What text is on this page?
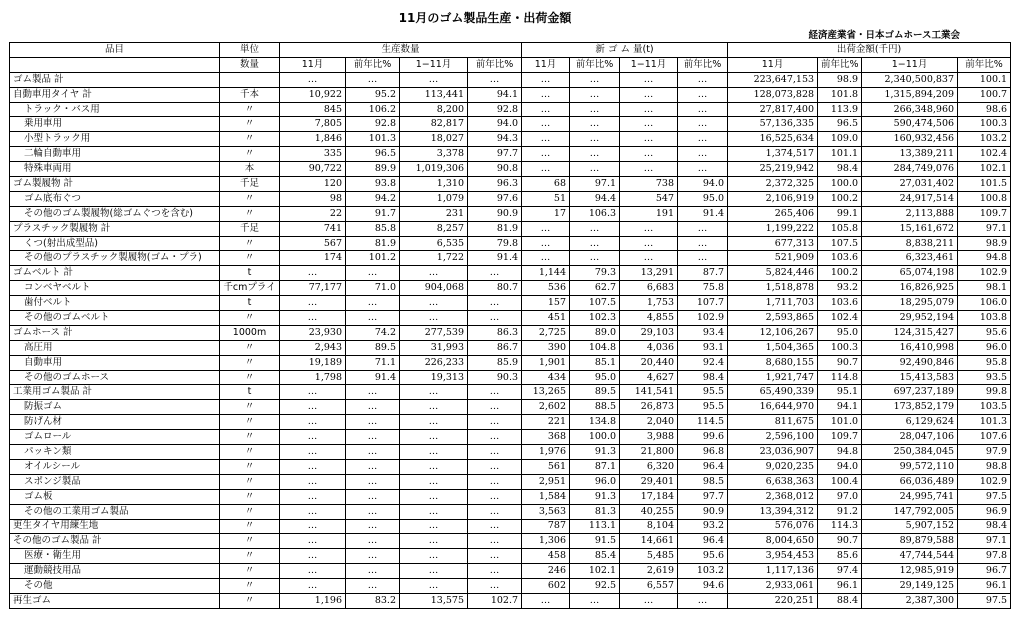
11月のゴム製品生産・出荷金額
経済産業省・日本ゴムホース工業会
品目	単位	生産数量				新 ゴ ム 量(t)				出荷金額(千円)			
	数量	11月	前年比%	1−11月	前年比%	11月	前年比%	1−11月	前年比%	11月	前年比%	1−11月	前年比%
ゴム製品 計		…	…	…	…	…	…	…	…	223,647,153	98.9	2,340,500,837	100.1
自動車用タイヤ 計	千本	10,922	95.2	113,441	94.1	…	…	…	…	128,073,828	101.8	1,315,894,209	100.7
トラック・バス用	〃	845	106.2	8,200	92.8	…	…	…	…	27,817,400	113.9	266,348,960	98.6
乗用車用	〃	7,805	92.8	82,817	94.0	…	…	…	…	57,136,335	96.5	590,474,506	100.3
小型トラック用	〃	1,846	101.3	18,027	94.3	…	…	…	…	16,525,634	109.0	160,932,456	103.2
二輪自動車用	〃	335	96.5	3,378	97.7	…	…	…	…	1,374,517	101.1	13,389,211	102.4
特殊車両用	本	90,722	89.9	1,019,306	90.8	…	…	…	…	25,219,942	98.4	284,749,076	102.1
ゴム製履物 計	千足	120	93.8	1,310	96.3	68	97.1	738	94.0	2,372,325	100.0	27,031,402	101.5
ゴム底布ぐつ	〃	98	94.2	1,079	97.6	51	94.4	547	95.0	2,106,919	100.2	24,917,514	100.8
その他のゴム製履物(総ゴムぐつを含む)	〃	22	91.7	231	90.9	17	106.3	191	91.4	265,406	99.1	2,113,888	109.7
プラスチック製履物 計	千足	741	85.8	8,257	81.9	…	…	…	…	1,199,222	105.8	15,161,672	97.1
くつ(射出成型品)	〃	567	81.9	6,535	79.8	…	…	…	…	677,313	107.5	8,838,211	98.9
その他のプラスチック製履物(ゴム・プラ)	〃	174	101.2	1,722	91.4	…	…	…	…	521,909	103.6	6,323,461	94.8
ゴムベルト 計	t	…	…	…	…	1,144	79.3	13,291	87.7	5,824,446	100.2	65,074,198	102.9
コンベヤベルト	千cmプライ	77,177	71.0	904,068	80.7	536	62.7	6,683	75.8	1,518,878	93.2	16,826,925	98.1
歯付ベルト	t	…	…	…	…	157	107.5	1,753	107.7	1,711,703	103.6	18,295,079	106.0
その他のゴムベルト	〃	…	…	…	…	451	102.3	4,855	102.9	2,593,865	102.4	29,952,194	103.8
ゴムホース 計	1000m	23,930	74.2	277,539	86.3	2,725	89.0	29,103	93.4	12,106,267	95.0	124,315,427	95.6
高圧用	〃	2,943	89.5	31,993	86.7	390	104.8	4,036	93.1	1,504,365	100.3	16,410,998	96.0
自動車用	〃	19,189	71.1	226,233	85.9	1,901	85.1	20,440	92.4	8,680,155	90.7	92,490,846	95.8
その他のゴムホース	〃	1,798	91.4	19,313	90.3	434	95.0	4,627	98.4	1,921,747	114.8	15,413,583	93.5
工業用ゴム製品 計	t	…	…	…	…	13,265	89.5	141,541	95.5	65,490,339	95.1	697,237,189	99.8
防振ゴム	〃	…	…	…	…	2,602	88.5	26,873	95.5	16,644,970	94.1	173,852,179	103.5
防げん材	〃	…	…	…	…	221	134.8	2,040	114.5	811,675	101.0	6,129,624	101.3
ゴムロール	〃	…	…	…	…	368	100.0	3,988	99.6	2,596,100	109.7	28,047,106	107.6
パッキン類	〃	…	…	…	…	1,976	91.3	21,800	96.8	23,036,907	94.8	250,384,045	97.9
オイルシール	〃	…	…	…	…	561	87.1	6,320	96.4	9,020,235	94.0	99,572,110	98.8
スポンジ製品	〃	…	…	…	…	2,951	96.0	29,401	98.5	6,638,363	100.4	66,036,489	102.9
ゴム板	〃	…	…	…	…	1,584	91.3	17,184	97.7	2,368,012	97.0	24,995,741	97.5
その他の工業用ゴム製品	〃	…	…	…	…	3,563	81.3	40,255	90.9	13,394,312	91.2	147,792,005	96.9
更生タイヤ用練生地	〃	…	…	…	…	787	113.1	8,104	93.2	576,076	114.3	5,907,152	98.4
その他のゴム製品 計	〃	…	…	…	…	1,306	91.5	14,661	96.4	8,004,650	90.7	89,879,588	97.1
医療・衛生用	〃	…	…	…	…	458	85.4	5,485	95.6	3,954,453	85.6	47,744,544	97.8
運動競技用品	〃	…	…	…	…	246	102.1	2,619	103.2	1,117,136	97.4	12,985,919	96.7
その他	〃	…	…	…	…	602	92.5	6,557	94.6	2,933,061	96.1	29,149,125	96.1
再生ゴム	〃	1,196	83.2	13,575	102.7	…	…	…	…	220,251	88.4	2,387,300	97.5
